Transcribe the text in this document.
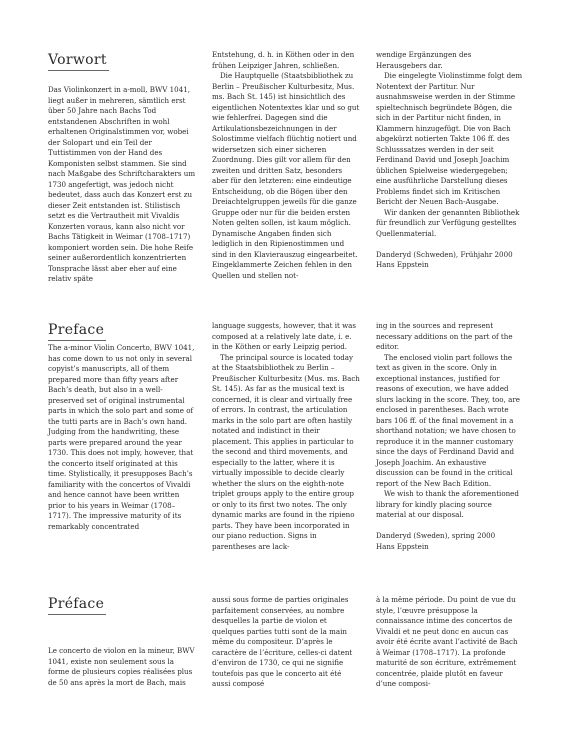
Vorwort

Das Violinkonzert in a-moll, BWV 1041, liegt außer in mehreren, sämtlich erst über 50 Jahre nach Bachs Tod entstandenen Abschriften in wohl erhaltenen Originalstimmen vor, wobei der Solopart und ein Teil der Tuttistimmen von der Hand des Komponisten selbst stammen. Sie sind nach Maßgabe des Schriftcharakters um 1730 angefertigt, was jedoch nicht bedeutet, dass auch das Konzert erst zu dieser Zeit entstanden ist. Stilistisch setzt es die Vertrautheit mit Vivaldis Konzerten voraus, kann also nicht vor Bachs Tätigkeit in Weimar (1708–1717) komponiert worden sein. Die hohe Reife seiner außerordentlich konzentrierten Tonsprache lässt aber eher auf eine relativ späte

Entstehung, d. h. in Köthen oder in den frühen Leipziger Jahren, schließen.

Die Hauptquelle (Staatsbibliothek zu Berlin – Preußischer Kulturbesitz, Mus. ms. Bach St. 145) ist hinsichtlich des eigentlichen Notentextes klar und so gut wie fehlerfrei. Dagegen sind die Artikulationsbezeichnungen in der Solostimme vielfach flüchtig notiert und widersetzen sich einer sicheren Zuordnung. Dies gilt vor allem für den zweiten und dritten Satz, besonders aber für den letzteren: eine eindeutige Entscheidung, ob die Bögen über den Dreiachtelgruppen jeweils für die ganze Gruppe oder nur für die beiden ersten Noten gelten sollen, ist kaum möglich. Dynamische Angaben finden sich lediglich in den Ripienostimmen und sind in den Klavierauszug eingearbeitet. Eingeklammerte Zeichen fehlen in den Quellen und stellen not-

wendige Ergänzungen des Herausgebers dar.

Die eingelegte Violinstimme folgt dem Notentext der Partitur. Nur ausnahmsweise werden in der Stimme spieltechnisch begründete Bögen, die sich in der Partitur nicht finden, in Klammern hinzugefügt. Die von Bach abgekürzt notierten Takte 106 ff. des Schlusssatzes werden in der seit Ferdinand David und Joseph Joachim üblichen Spielweise wiedergegeben; eine ausführliche Darstellung dieses Problems findet sich im Kritischen Bericht der Neuen Bach-Ausgabe.

Wir danken der genannten Bibliothek für freundlich zur Verfügung gestelltes Quellenmaterial.

Danderyd (Schweden), Frühjahr 2000

Hans Eppstein

Preface

The a-minor Violin Concerto, BWV 1041, has come down to us not only in several copyist’s manuscripts, all of them prepared more than fifty years after Bach’s death, but also in a well-preserved set of original instrumental parts in which the solo part and some of the tutti parts are in Bach’s own hand. Judging from the handwriting, these parts were prepared around the year 1730. This does not imply, however, that the concerto itself originated at this time. Stylistically, it presupposes Bach’s familiarity with the concertos of Vivaldi and hence cannot have been written prior to his years in Weimar (1708–1717). The impressive maturity of its remarkably concentrated

language suggests, however, that it was composed at a relatively late date, i. e. in the Köthen or early Leipzig period.

The principal source is located today at the Staatsbibliothek zu Berlin – Preußischer Kulturbesitz (Mus. ms. Bach St. 145). As far as the musical text is concerned, it is clear and virtually free of errors. In contrast, the articulation marks in the solo part are often hastily notated and indistinct in their placement. This applies in particular to the second and third movements, and especially to the latter, where it is virtually impossible to decide clearly whether the slurs on the eighth-note triplet groups apply to the entire group or only to its first two notes. The only dynamic marks are found in the ripieno parts. They have been incorporated in our piano reduction. Signs in parentheses are lack-

ing in the sources and represent necessary additions on the part of the editor.

The enclosed violin part follows the text as given in the score. Only in exceptional instances, justified for reasons of execution, we have added slurs lacking in the score. They, too, are enclosed in parentheses. Bach wrote bars 106 ff. of the final movement in a shorthand notation; we have chosen to reproduce it in the manner customary since the days of Ferdinand David and Joseph Joachim. An exhaustive discussion can be found in the critical report of the New Bach Edition.

We wish to thank the aforementioned library for kindly placing source material at our disposal.

Danderyd (Sweden), spring 2000

Hans Eppstein

Préface

Le concerto de violon en la mineur, BWV 1041, existe non seulement sous la forme de plusieurs copies réalisées plus de 50 ans après la mort de Bach, mais

aussi sous forme de parties originales parfaitement conservées, au nombre desquelles la partie de violon et quelques parties tutti sont de la main même du compositeur. D’après le caractère de l’écriture, celles-ci datent d’environ de 1730, ce qui ne signifie toutefois pas que le concerto ait été aussi composé

à la même période. Du point de vue du style, l’œuvre présuppose la connaissance intime des concertos de Vivaldi et ne peut donc en aucun cas avoir été écrite avant l’activité de Bach à Weimar (1708–1717). La profonde maturité de son écriture, extrêmement concentrée, plaide plutôt en faveur d’une composi-
